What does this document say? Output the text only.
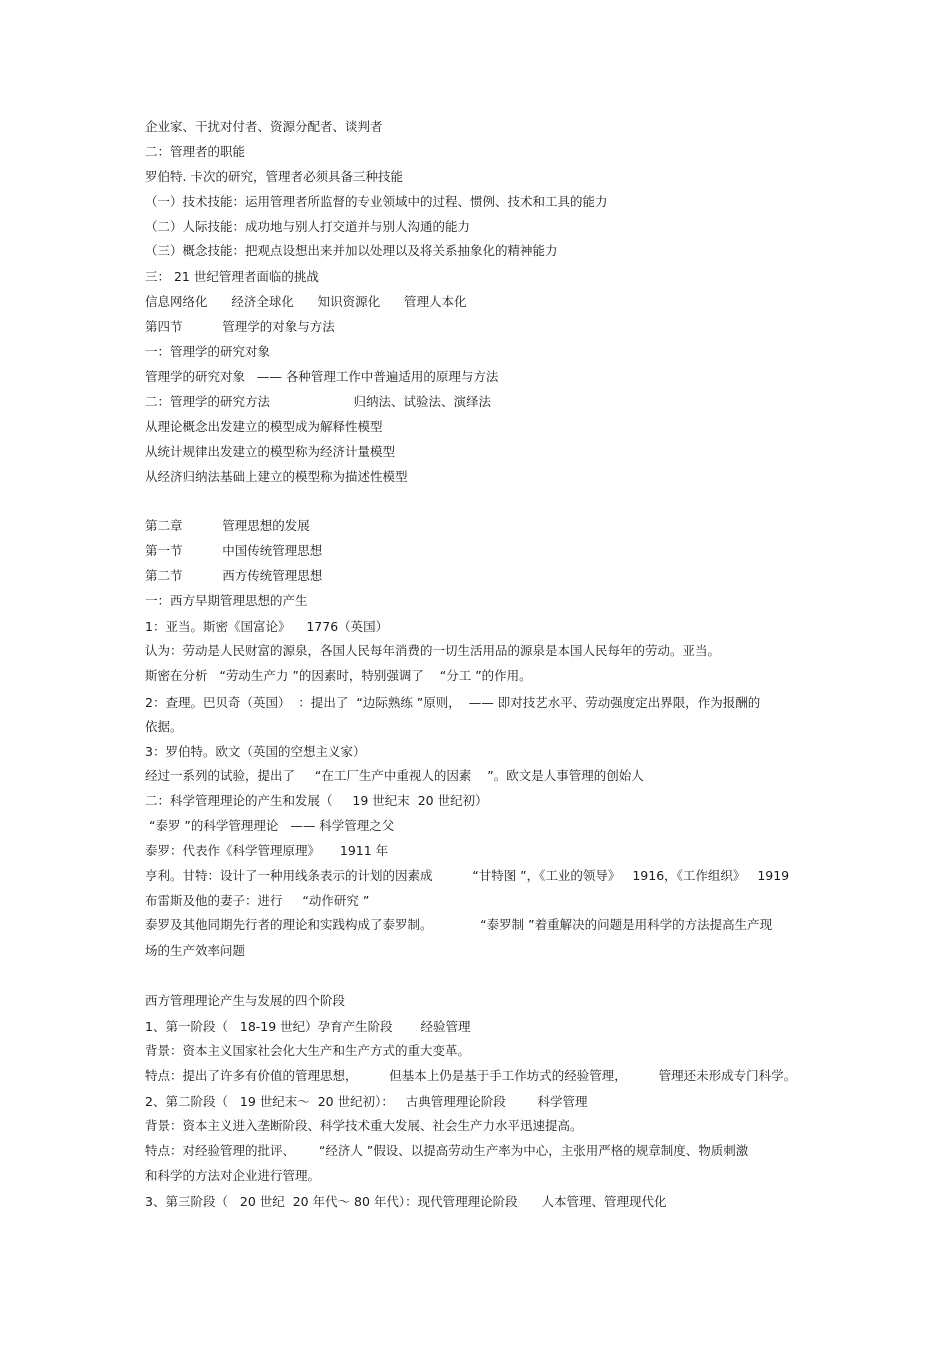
企业家、干扰对付者、资源分配者、谈判者
二：管理者的职能
罗伯特. 卡次的研究，管理者必须具备三种技能
（一）技术技能：运用管理者所监督的专业领域中的过程、惯例、技术和工具的能力
（二）人际技能：成功地与别人打交道并与别人沟通的能力
（三）概念技能：把观点设想出来并加以处理以及将关系抽象化的精神能力
三： 21 世纪管理者面临的挑战
信息网络化      经济全球化      知识资源化      管理人本化
第四节          管理学的对象与方法
一：管理学的研究对象
管理学的研究对象   —— 各种管理工作中普遍适用的原理与方法
二：管理学的研究方法                     归纳法、试验法、演绎法
从理论概念出发建立的模型成为解释性模型
从统计规律出发建立的模型称为经济计量模型
从经济归纳法基础上建立的模型称为描述性模型
第二章          管理思想的发展
第一节          中国传统管理思想
第二节          西方传统管理思想
一：西方早期管理思想的产生
1：亚当。斯密《国富论》    1776（英国）
认为：劳动是人民财富的源泉，各国人民每年消费的一切生活用品的源泉是本国人民每年的劳动。亚当。
斯密在分析   “劳动生产力 ”的因素时，特别强调了    “分工 ”的作用。
2：查理。巴贝奇（英国）  ：提出了  “边际熟练 ”原则，  —— 即对技艺水平、劳动强度定出界限，作为报酬的
依据。
3：罗伯特。欧文（英国的空想主义家）
经过一系列的试验，提出了     “在工厂生产中重视人的因素    ”。欧文是人事管理的创始人
二：科学管理理论的产生和发展（     19 世纪末  20 世纪初）
“泰罗 ”的科学管理理论   —— 科学管理之父
泰罗：代表作《科学管理原理》     1911 年
亨利。甘特：设计了一种用线条表示的计划的因素成          “甘特图 ”，《工业的领导》   1916，《工作组织》   1919
布雷斯及他的妻子：进行     “动作研究 ”
泰罗及其他同期先行者的理论和实践构成了泰罗制。            “泰罗制 ”着重解决的问题是用科学的方法提高生产现
场的生产效率问题
西方管理理论产生与发展的四个阶段
1、第一阶段（   18-19 世纪）孕育产生阶段       经验管理
背景：资本主义国家社会化大生产和生产方式的重大变革。
特点：提出了许多有价值的管理思想，        但基本上仍是基于手工作坊式的经验管理，        管理还未形成专门科学。
2、第二阶段（   19 世纪末～  20 世纪初）：   古典管理理论阶段        科学管理
背景：资本主义进入垄断阶段、科学技术重大发展、社会生产力水平迅速提高。
特点：对经验管理的批评、      “经济人 ”假设、以提高劳动生产率为中心，主张用严格的规章制度、物质刺激
和科学的方法对企业进行管理。
3、第三阶段（   20 世纪  20 年代～ 80 年代）：现代管理理论阶段      人本管理、管理现代化
